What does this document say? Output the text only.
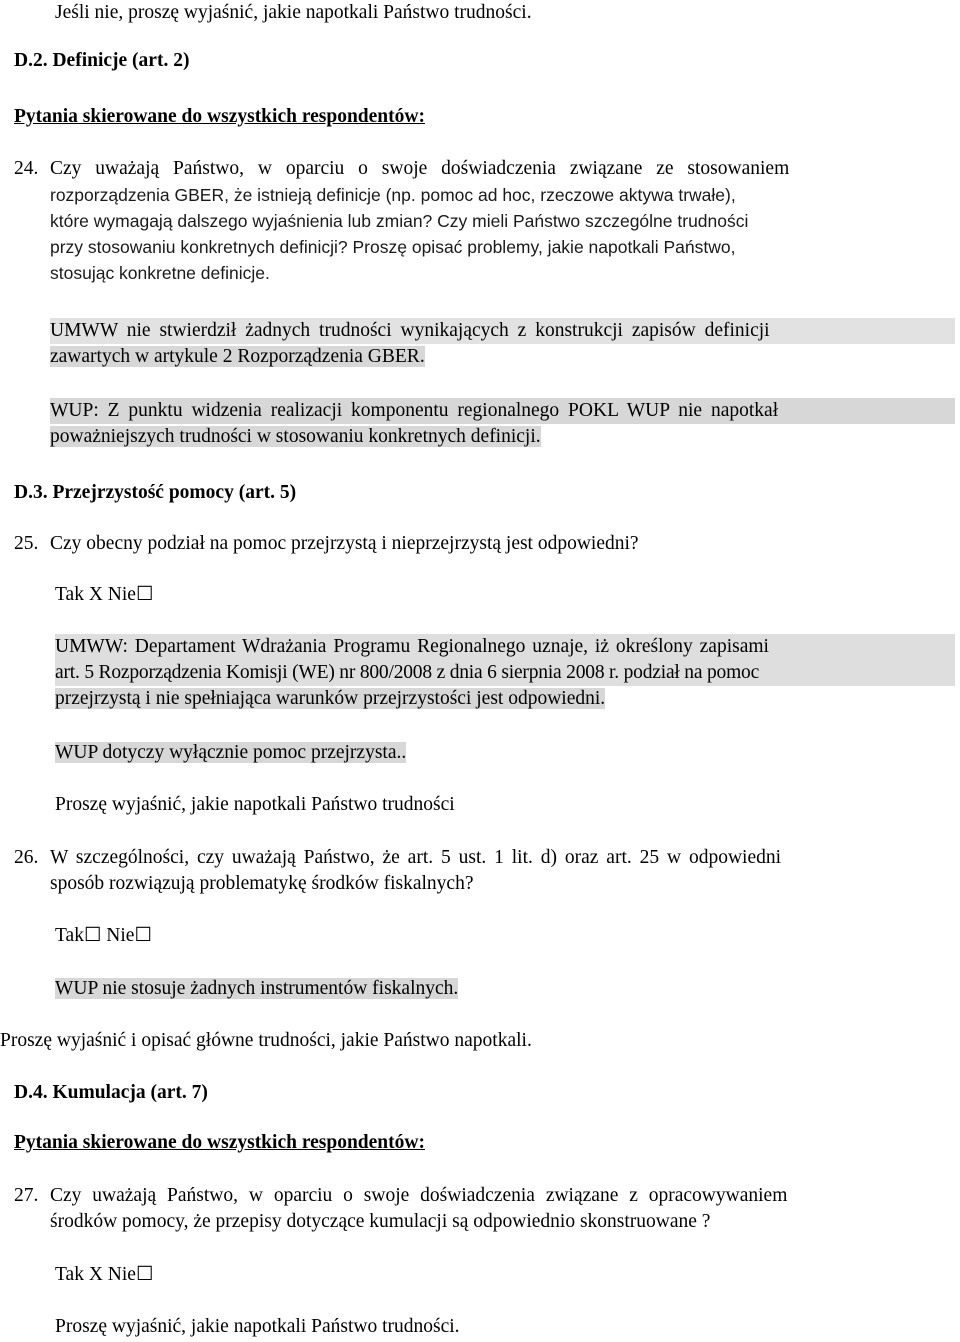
Jeśli nie, proszę wyjaśnić, jakie napotkali Państwo trudności.
D.2. Definicje (art. 2)
Pytania skierowane do wszystkich respondentów:
24. Czy uważają Państwo, w oparciu o swoje doświadczenia związane ze stosowaniem
rozporządzenia GBER, że istnieją definicje (np. pomoc ad hoc, rzeczowe aktywa trwałe),
które wymagają dalszego wyjaśnienia lub zmian? Czy mieli Państwo szczególne trudności
przy stosowaniu konkretnych definicji? Proszę opisać problemy, jakie napotkali Państwo,
stosując konkretne definicje.
UMWW nie stwierdził żadnych trudności wynikających z konstrukcji zapisów definicji
zawartych w artykule 2 Rozporządzenia GBER.
WUP: Z punktu widzenia realizacji komponentu regionalnego POKL WUP nie napotkał
poważniejszych trudności w stosowaniu konkretnych definicji.
D.3. Przejrzystość pomocy (art. 5)
25. Czy obecny podział na pomoc przejrzystą i nieprzejrzystą jest odpowiedni?
Tak X Nie☐
UMWW: Departament Wdrażania Programu Regionalnego uznaje, iż określony zapisami
art. 5 Rozporządzenia Komisji (WE) nr 800/2008 z dnia 6 sierpnia 2008 r. podział na pomoc
przejrzystą i nie spełniająca warunków przejrzystości jest odpowiedni.
WUP dotyczy wyłącznie pomoc przejrzysta..
Proszę wyjaśnić, jakie napotkali Państwo trudności
26. W szczególności, czy uważają Państwo, że art. 5 ust. 1 lit. d) oraz art. 25 w odpowiedni
sposób rozwiązują problematykę środków fiskalnych?
Tak☐ Nie☐
WUP nie stosuje żadnych instrumentów fiskalnych.
Proszę wyjaśnić i opisać główne trudności, jakie Państwo napotkali.
D.4. Kumulacja (art. 7)
Pytania skierowane do wszystkich respondentów:
27. Czy uważają Państwo, w oparciu o swoje doświadczenia związane z opracowywaniem
środków pomocy, że przepisy dotyczące kumulacji są odpowiednio skonstruowane ?
Tak X Nie☐
Proszę wyjaśnić, jakie napotkali Państwo trudności.
